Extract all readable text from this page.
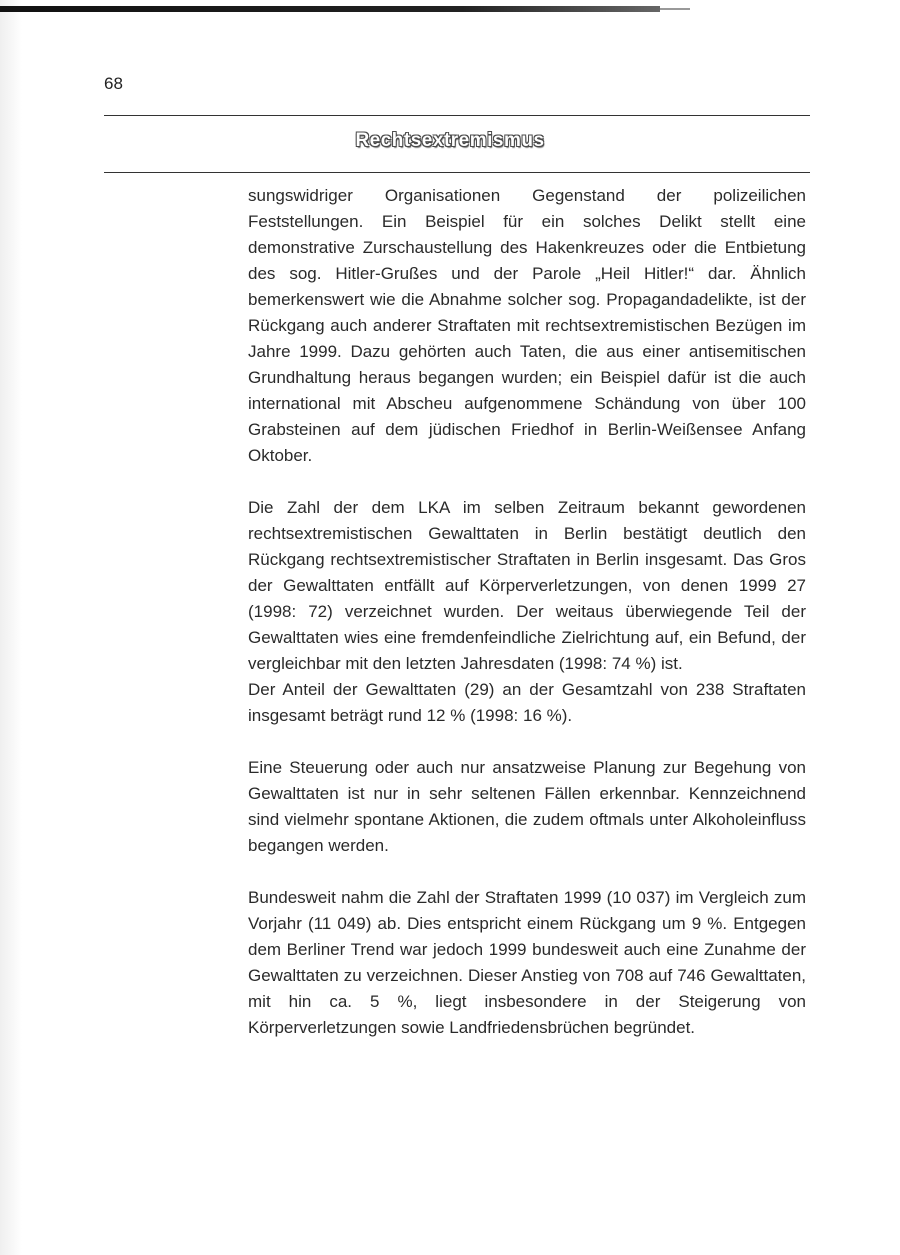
68
Rechtsextremismus

sungswidriger Organisationen Gegenstand der polizeilichen Feststellungen. Ein Beispiel für ein solches Delikt stellt eine demonstrative Zurschaustellung des Hakenkreuzes oder die Entbietung des sog. Hitler-Grußes und der Parole „Heil Hitler!“ dar. Ähnlich bemerkenswert wie die Abnahme solcher sog. Propagandadelikte, ist der Rückgang auch anderer Straftaten mit rechtsextremistischen Bezügen im Jahre 1999. Dazu gehörten auch Taten, die aus einer antisemitischen Grundhaltung heraus begangen wurden; ein Beispiel dafür ist die auch international mit Abscheu aufgenommene Schändung von über 100 Grabsteinen auf dem jüdischen Friedhof in Berlin-Weißensee Anfang Oktober.

Die Zahl der dem LKA im selben Zeitraum bekannt gewordenen rechtsextremistischen Gewalttaten in Berlin bestätigt deutlich den Rückgang rechtsextremistischer Straftaten in Berlin insgesamt. Das Gros der Gewalttaten entfällt auf Körperverletzungen, von denen 1999 27 (1998: 72) verzeichnet wurden. Der weitaus überwiegende Teil der Gewalttaten wies eine fremdenfeindliche Zielrichtung auf, ein Befund, der vergleichbar mit den letzten Jahresdaten (1998: 74 %) ist.

Der Anteil der Gewalttaten (29) an der Gesamtzahl von 238 Straftaten insgesamt beträgt rund 12 % (1998: 16 %).

Eine Steuerung oder auch nur ansatzweise Planung zur Begehung von Gewalttaten ist nur in sehr seltenen Fällen erkennbar. Kennzeichnend sind vielmehr spontane Aktionen, die zudem oftmals unter Alkoholeinfluss begangen werden.

Bundesweit nahm die Zahl der Straftaten 1999 (10 037) im Vergleich zum Vorjahr (11 049) ab. Dies entspricht einem Rückgang um 9 %. Entgegen dem Berliner Trend war jedoch 1999 bundesweit auch eine Zunahme der Gewalttaten zu verzeichnen. Dieser Anstieg von 708 auf 746 Gewalttaten, mit hin ca. 5 %, liegt insbesondere in der Steigerung von Körperverletzungen sowie Landfriedensbrüchen begründet.
